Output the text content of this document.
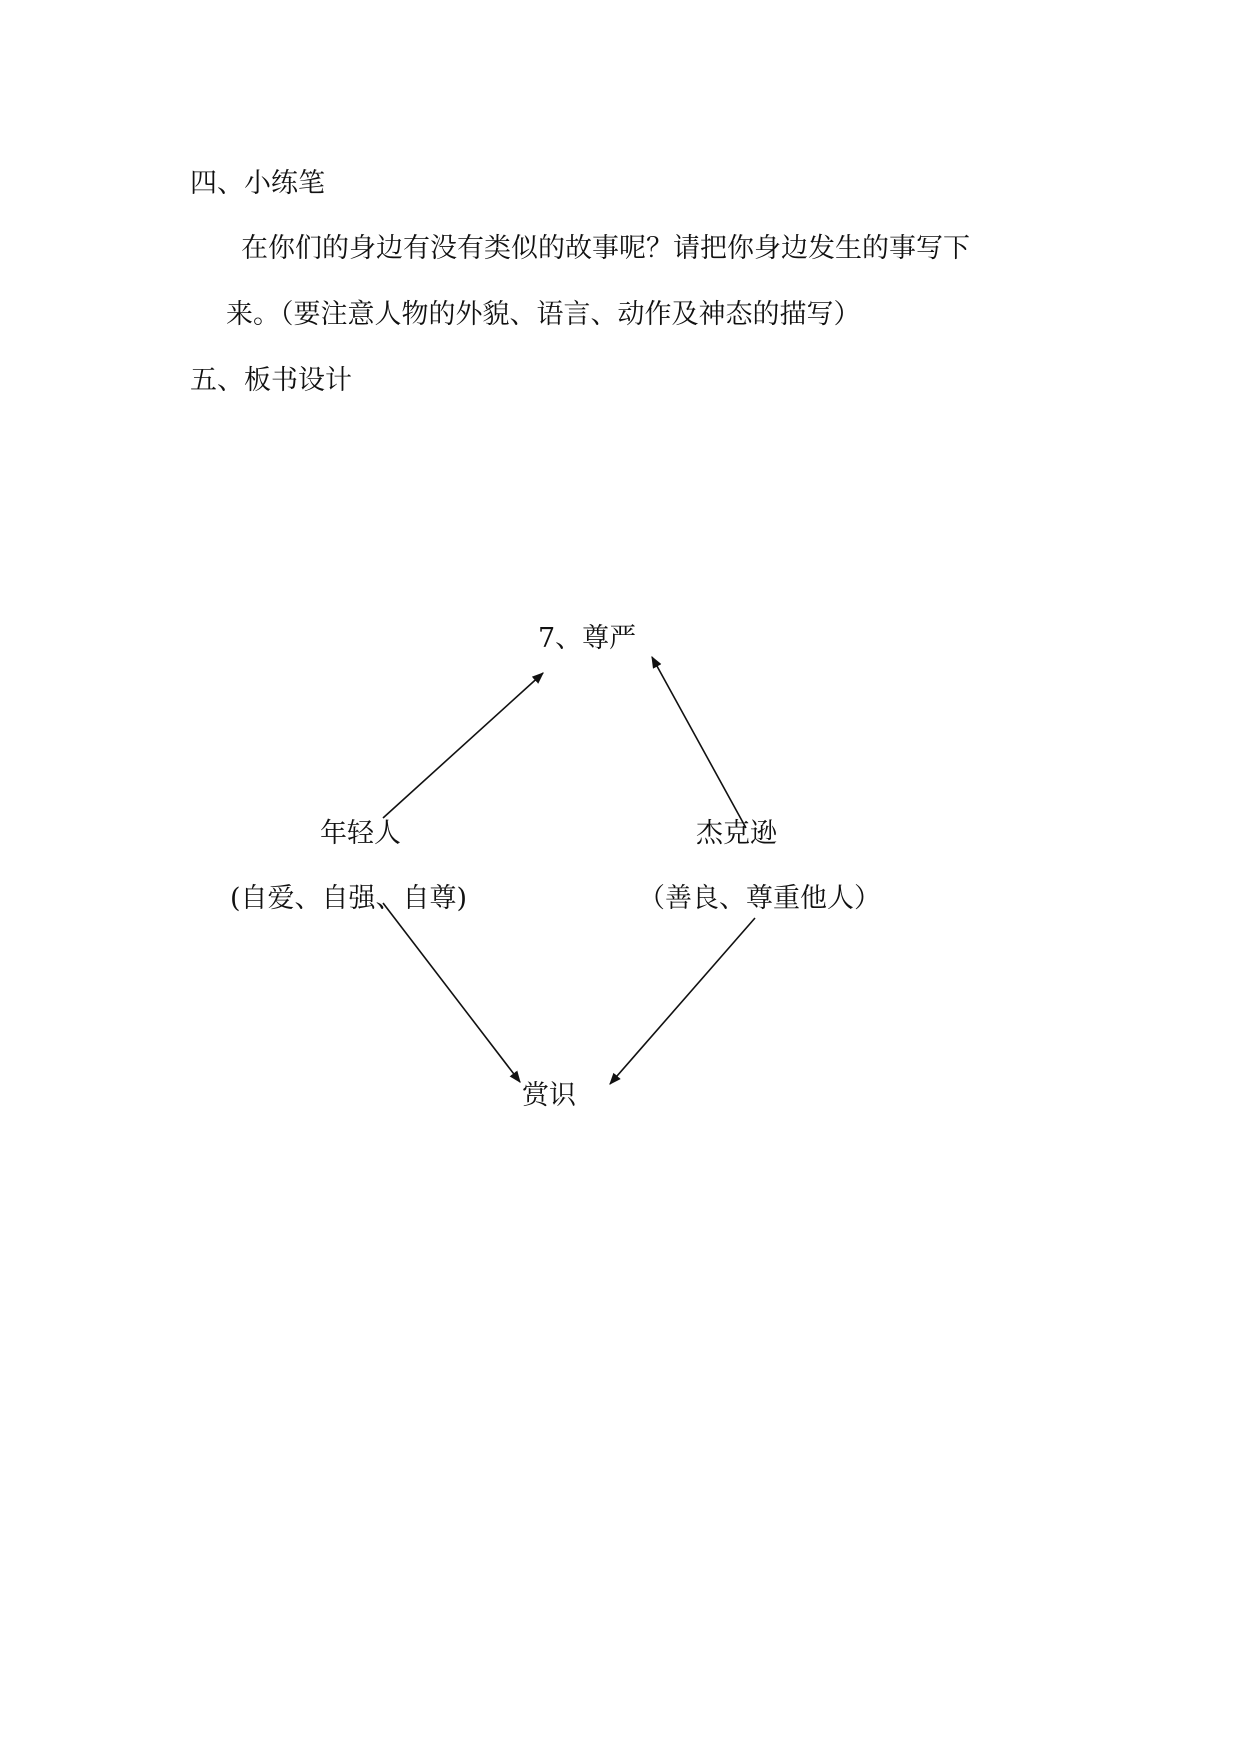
四、小练笔
在你们的身边有没有类似的故事呢？请把你身边发生的事写下
来。（要注意人物的外貌、语言、动作及神态的描写）
五、板书设计
7、尊严
年轻人
(自爱、自强、自尊)
杰克逊
（善良、尊重他人）
赏识
